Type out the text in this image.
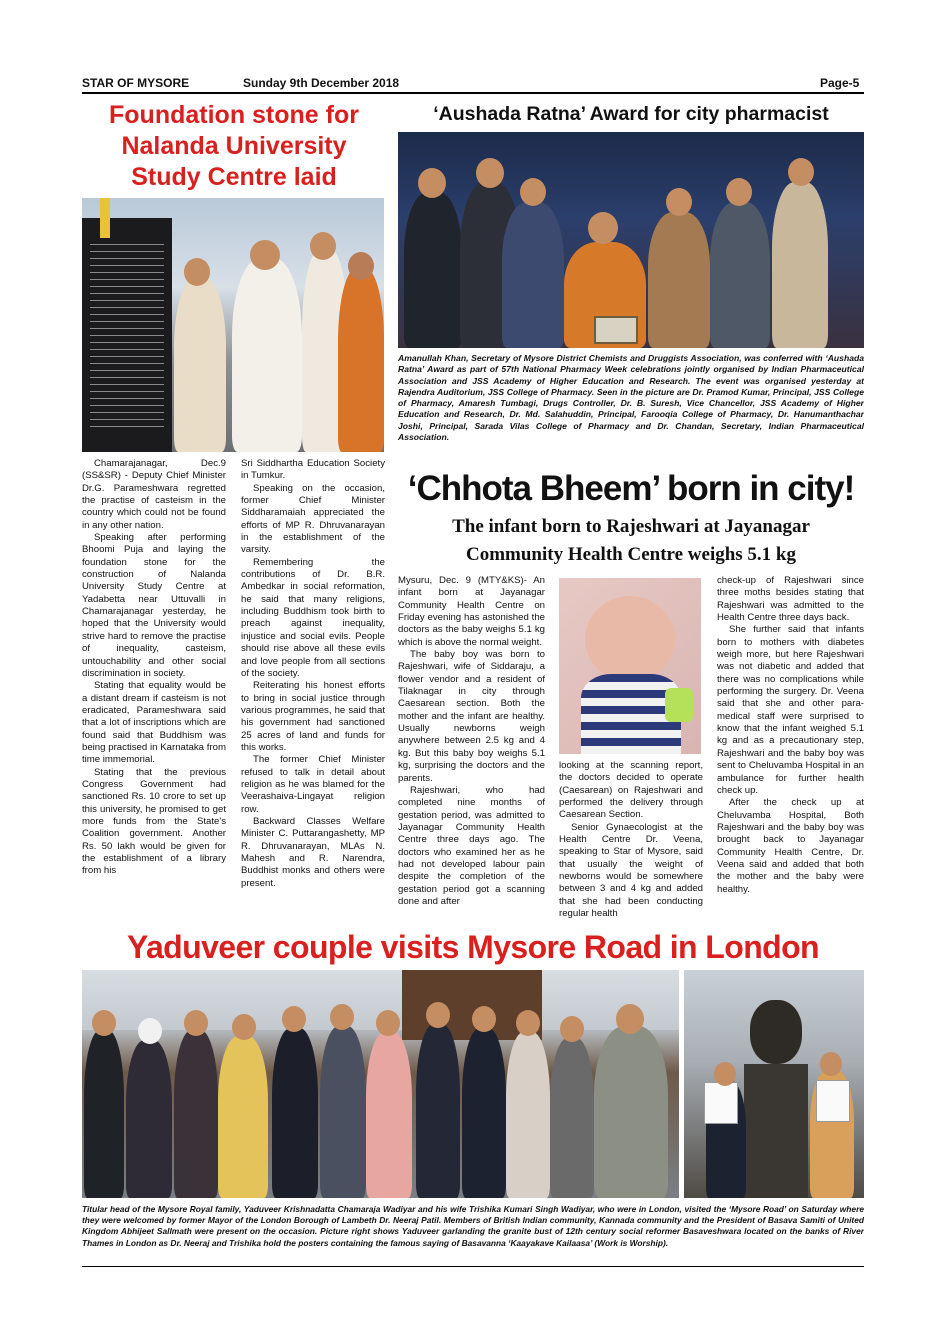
STAR OF MYSORE	Sunday 9th December 2018	Page-5
Foundation stone for
Nalanda University
Study Centre laid

Chamarajanagar, Dec.9 (SS&SR) - Deputy Chief Minister Dr.G. Parameshwara regretted the practise of casteism in the country which could not be found in any other nation.

Speaking after performing Bhoomi Puja and laying the foundation stone for the construction of Nalanda University Study Centre at Yadabetta near Uttuvalli in Chamarajanagar yesterday, he hoped that the University would strive hard to remove the practise of inequality, casteism, untouchability and other social discrimination in society.

Stating that equality would be a distant dream if casteism is not eradicated, Parameshwara said that a lot of inscriptions which are found said that Buddhism was being practised in Karnataka from time immemorial.

Stating that the previous Congress Government had sanctioned Rs. 10 crore to set up this university, he promised to get more funds from the State's Coalition government. Another Rs. 50 lakh would be given for the establishment of a library from his

Sri Siddhartha Education Society in Tumkur.

Speaking on the occasion, former Chief Minister Siddharamaiah appreciated the efforts of MP R. Dhruvanarayan in the establishment of the varsity.

Remembering the contributions of Dr. B.R. Ambedkar in social reformation, he said that many religions, including Buddhism took birth to preach against inequality, injustice and social evils. People should rise above all these evils and love people from all sections of the society.

Reiterating his honest efforts to bring in social justice through various programmes, he said that his government had sanctioned 25 acres of land and funds for this works.

The former Chief Minister refused to talk in detail about religion as he was blamed for the Veerashaiva-Lingayat religion row.

Backward Classes Welfare Minister C. Puttarangashetty, MP R. Dhruvanarayan, MLAs N. Mahesh and R. Narendra, Buddhist monks and others were present.

‘Aushada Ratna’ Award for city pharmacist
Amanullah Khan, Secretary of Mysore District Chemists and Druggists Association, was conferred with ‘Aushada Ratna’ Award as part of 57th National Pharmacy Week celebrations jointly organised by Indian Pharmaceutical Association and JSS Academy of Higher Education and Research. The event was organised yesterday at Rajendra Auditorium, JSS College of Pharmacy. Seen in the picture are Dr. Pramod Kumar, Principal, JSS College of Pharmacy, Amaresh Tumbagi, Drugs Controller, Dr. B. Suresh, Vice Chancellor, JSS Academy of Higher Education and Research, Dr. Md. Salahuddin, Principal, Farooqia College of Pharmacy, Dr. Hanumanthachar Joshi, Principal, Sarada Vilas College of Pharmacy and Dr. Chandan, Secretary, Indian Pharmaceutical Association.
‘Chhota Bheem’ born in city!
The infant born to Rajeshwari at Jayanagar
Community Health Centre weighs 5.1 kg

Mysuru, Dec. 9 (MTY&KS)- An infant born at Jayanagar Community Health Centre on Friday evening has astonished the doctors as the baby weighs 5.1 kg which is above the normal weight.

The baby boy was born to Rajeshwari, wife of Siddaraju, a flower vendor and a resident of Tilaknagar in city through Caesarean section. Both the mother and the infant are healthy. Usually newborns weigh anywhere between 2.5 kg and 4 kg. But this baby boy weighs 5.1 kg, surprising the doctors and the parents.

Rajeshwari, who had completed nine months of gestation period, was admitted to Jayanagar Community Health Centre three days ago. The doctors who examined her as he had not developed labour pain despite the completion of the gestation period got a scanning done and after

looking at the scanning report, the doctors decided to operate (Caesarean) on Rajeshwari and performed the delivery through Caesarean Section.

Senior Gynaecologist at the Health Centre Dr. Veena, speaking to Star of Mysore, said that usually the weight of newborns would be somewhere between 3 and 4 kg and added that she had been conducting regular health

check-up of Rajeshwari since three moths besides stating that Rajeshwari was admitted to the Health Centre three days back.

She further said that infants born to mothers with diabetes weigh more, but here Rajeshwari was not diabetic and added that there was no complications while performing the surgery. Dr. Veena said that she and other para-medical staff were surprised to know that the infant weighed 5.1 kg and as a precautionary step, Rajeshwari and the baby boy was sent to Cheluvamba Hospital in an ambulance for further health check up.

After the check up at Cheluvamba Hospital, Both Rajeshwari and the baby boy was brought back to Jayanagar Community Health Centre, Dr. Veena said and added that both the mother and the baby were healthy.

Yaduveer couple visits Mysore Road in London
Titular head of the Mysore Royal family, Yaduveer Krishnadatta Chamaraja Wadiyar and his wife Trishika Kumari Singh Wadiyar, who were in London, visited the ‘Mysore Road’ on Saturday where they were welcomed by former Mayor of the London Borough of Lambeth Dr. Neeraj Patil. Members of British Indian community, Kannada community and the President of Basava Samiti of United Kingdom Abhijeet Sallmath were present on the occasion. Picture right shows Yaduveer garlanding the granite bust of 12th century social reformer Basaveshwara located on the banks of River Thames in London as Dr. Neeraj and Trishika hold the posters containing the famous saying of Basavanna ‘Kaayakave Kailaasa’ (Work is Worship).
